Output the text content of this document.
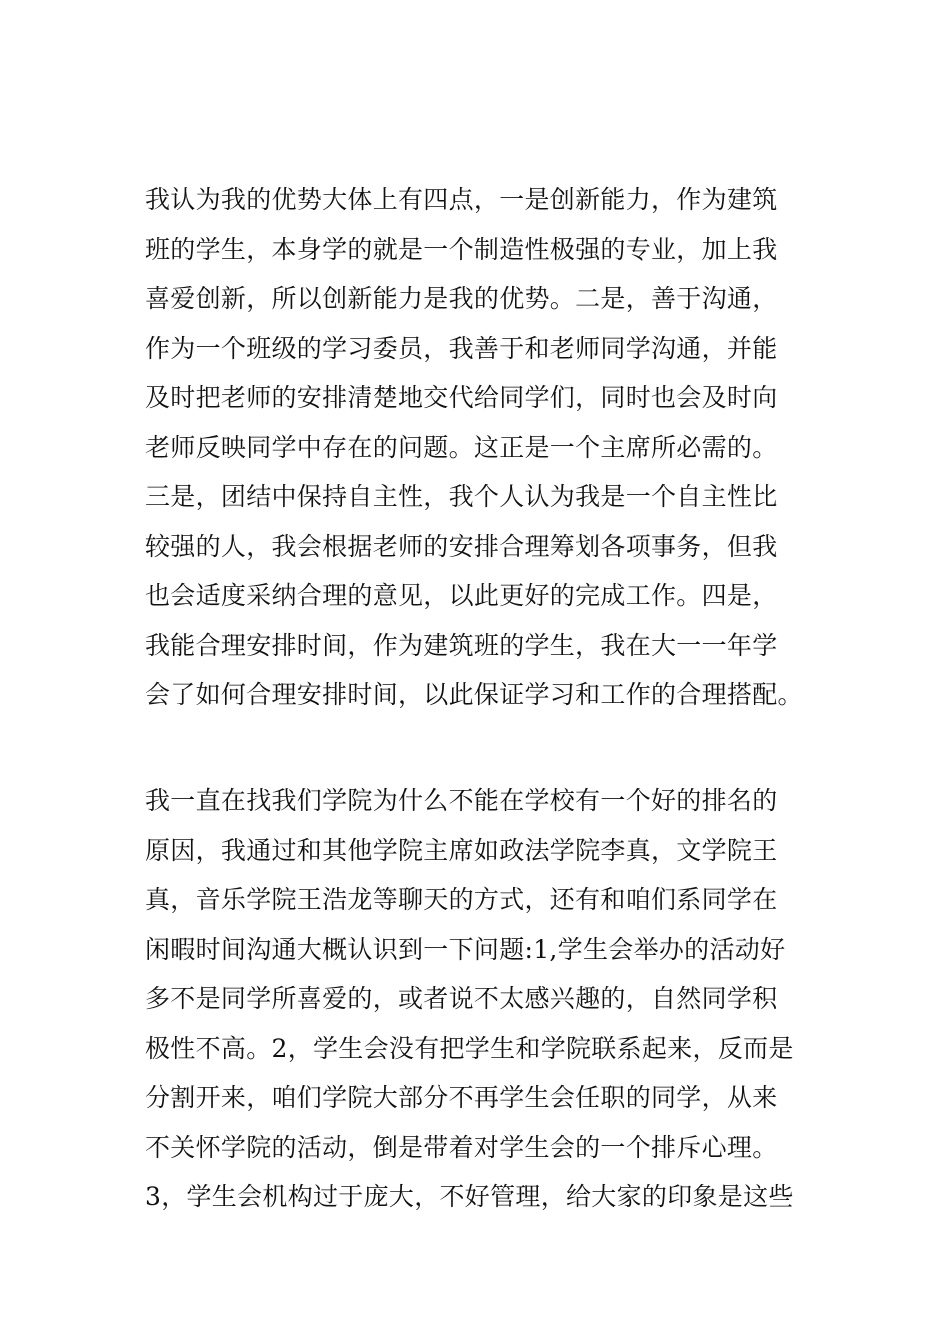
我认为我的优势大体上有四点，一是创新能力，作为建筑
班的学生，本身学的就是一个制造性极强的专业，加上我
喜爱创新，所以创新能力是我的优势。二是，善于沟通，
作为一个班级的学习委员，我善于和老师同学沟通，并能
及时把老师的安排清楚地交代给同学们，同时也会及时向
老师反映同学中存在的问题。这正是一个主席所必需的。
三是，团结中保持自主性，我个人认为我是一个自主性比
较强的人，我会根据老师的安排合理筹划各项事务，但我
也会适度采纳合理的意见，以此更好的完成工作。四是，
我能合理安排时间，作为建筑班的学生，我在大一一年学
会了如何合理安排时间，以此保证学习和工作的合理搭配。

我一直在找我们学院为什么不能在学校有一个好的排名的
原因，我通过和其他学院主席如政法学院李真，文学院王
真，音乐学院王浩龙等聊天的方式，还有和咱们系同学在
闲暇时间沟通大概认识到一下问题:1,学生会举办的活动好
多不是同学所喜爱的，或者说不太感兴趣的，自然同学积
极性不高。2，学生会没有把学生和学院联系起来，反而是
分割开来，咱们学院大部分不再学生会任职的同学，从来
不关怀学院的活动，倒是带着对学生会的一个排斥心理。
3，学生会机构过于庞大，不好管理，给大家的印象是这些
